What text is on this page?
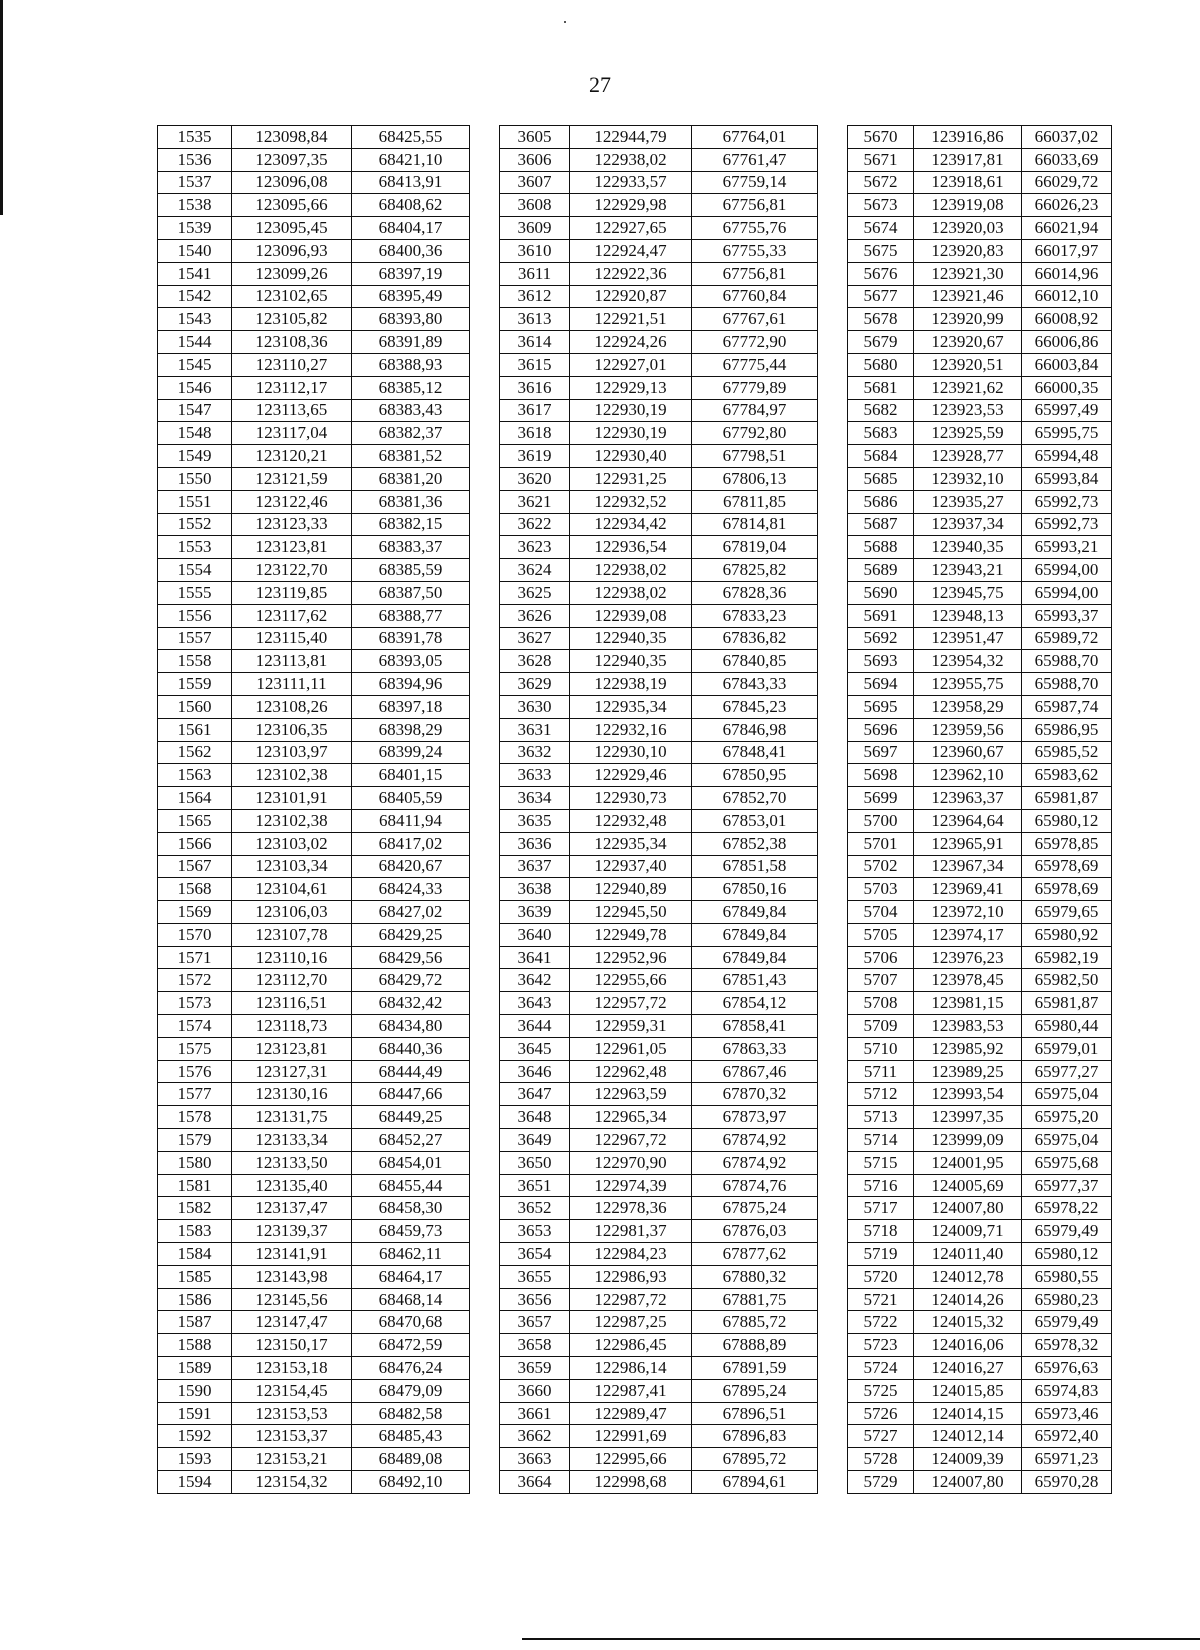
27
1535	123098,84	68425,55		3605	122944,79	67764,01		5670	123916,86	66037,02
1536	123097,35	68421,10		3606	122938,02	67761,47		5671	123917,81	66033,69
1537	123096,08	68413,91		3607	122933,57	67759,14		5672	123918,61	66029,72
1538	123095,66	68408,62		3608	122929,98	67756,81		5673	123919,08	66026,23
1539	123095,45	68404,17		3609	122927,65	67755,76		5674	123920,03	66021,94
1540	123096,93	68400,36		3610	122924,47	67755,33		5675	123920,83	66017,97
1541	123099,26	68397,19		3611	122922,36	67756,81		5676	123921,30	66014,96
1542	123102,65	68395,49		3612	122920,87	67760,84		5677	123921,46	66012,10
1543	123105,82	68393,80		3613	122921,51	67767,61		5678	123920,99	66008,92
1544	123108,36	68391,89		3614	122924,26	67772,90		5679	123920,67	66006,86
1545	123110,27	68388,93		3615	122927,01	67775,44		5680	123920,51	66003,84
1546	123112,17	68385,12		3616	122929,13	67779,89		5681	123921,62	66000,35
1547	123113,65	68383,43		3617	122930,19	67784,97		5682	123923,53	65997,49
1548	123117,04	68382,37		3618	122930,19	67792,80		5683	123925,59	65995,75
1549	123120,21	68381,52		3619	122930,40	67798,51		5684	123928,77	65994,48
1550	123121,59	68381,20		3620	122931,25	67806,13		5685	123932,10	65993,84
1551	123122,46	68381,36		3621	122932,52	67811,85		5686	123935,27	65992,73
1552	123123,33	68382,15		3622	122934,42	67814,81		5687	123937,34	65992,73
1553	123123,81	68383,37		3623	122936,54	67819,04		5688	123940,35	65993,21
1554	123122,70	68385,59		3624	122938,02	67825,82		5689	123943,21	65994,00
1555	123119,85	68387,50		3625	122938,02	67828,36		5690	123945,75	65994,00
1556	123117,62	68388,77		3626	122939,08	67833,23		5691	123948,13	65993,37
1557	123115,40	68391,78		3627	122940,35	67836,82		5692	123951,47	65989,72
1558	123113,81	68393,05		3628	122940,35	67840,85		5693	123954,32	65988,70
1559	123111,11	68394,96		3629	122938,19	67843,33		5694	123955,75	65988,70
1560	123108,26	68397,18		3630	122935,34	67845,23		5695	123958,29	65987,74
1561	123106,35	68398,29		3631	122932,16	67846,98		5696	123959,56	65986,95
1562	123103,97	68399,24		3632	122930,10	67848,41		5697	123960,67	65985,52
1563	123102,38	68401,15		3633	122929,46	67850,95		5698	123962,10	65983,62
1564	123101,91	68405,59		3634	122930,73	67852,70		5699	123963,37	65981,87
1565	123102,38	68411,94		3635	122932,48	67853,01		5700	123964,64	65980,12
1566	123103,02	68417,02		3636	122935,34	67852,38		5701	123965,91	65978,85
1567	123103,34	68420,67		3637	122937,40	67851,58		5702	123967,34	65978,69
1568	123104,61	68424,33		3638	122940,89	67850,16		5703	123969,41	65978,69
1569	123106,03	68427,02		3639	122945,50	67849,84		5704	123972,10	65979,65
1570	123107,78	68429,25		3640	122949,78	67849,84		5705	123974,17	65980,92
1571	123110,16	68429,56		3641	122952,96	67849,84		5706	123976,23	65982,19
1572	123112,70	68429,72		3642	122955,66	67851,43		5707	123978,45	65982,50
1573	123116,51	68432,42		3643	122957,72	67854,12		5708	123981,15	65981,87
1574	123118,73	68434,80		3644	122959,31	67858,41		5709	123983,53	65980,44
1575	123123,81	68440,36		3645	122961,05	67863,33		5710	123985,92	65979,01
1576	123127,31	68444,49		3646	122962,48	67867,46		5711	123989,25	65977,27
1577	123130,16	68447,66		3647	122963,59	67870,32		5712	123993,54	65975,04
1578	123131,75	68449,25		3648	122965,34	67873,97		5713	123997,35	65975,20
1579	123133,34	68452,27		3649	122967,72	67874,92		5714	123999,09	65975,04
1580	123133,50	68454,01		3650	122970,90	67874,92		5715	124001,95	65975,68
1581	123135,40	68455,44		3651	122974,39	67874,76		5716	124005,69	65977,37
1582	123137,47	68458,30		3652	122978,36	67875,24		5717	124007,80	65978,22
1583	123139,37	68459,73		3653	122981,37	67876,03		5718	124009,71	65979,49
1584	123141,91	68462,11		3654	122984,23	67877,62		5719	124011,40	65980,12
1585	123143,98	68464,17		3655	122986,93	67880,32		5720	124012,78	65980,55
1586	123145,56	68468,14		3656	122987,72	67881,75		5721	124014,26	65980,23
1587	123147,47	68470,68		3657	122987,25	67885,72		5722	124015,32	65979,49
1588	123150,17	68472,59		3658	122986,45	67888,89		5723	124016,06	65978,32
1589	123153,18	68476,24		3659	122986,14	67891,59		5724	124016,27	65976,63
1590	123154,45	68479,09		3660	122987,41	67895,24		5725	124015,85	65974,83
1591	123153,53	68482,58		3661	122989,47	67896,51		5726	124014,15	65973,46
1592	123153,37	68485,43		3662	122991,69	67896,83		5727	124012,14	65972,40
1593	123153,21	68489,08		3663	122995,66	67895,72		5728	124009,39	65971,23
1594	123154,32	68492,10		3664	122998,68	67894,61		5729	124007,80	65970,28
